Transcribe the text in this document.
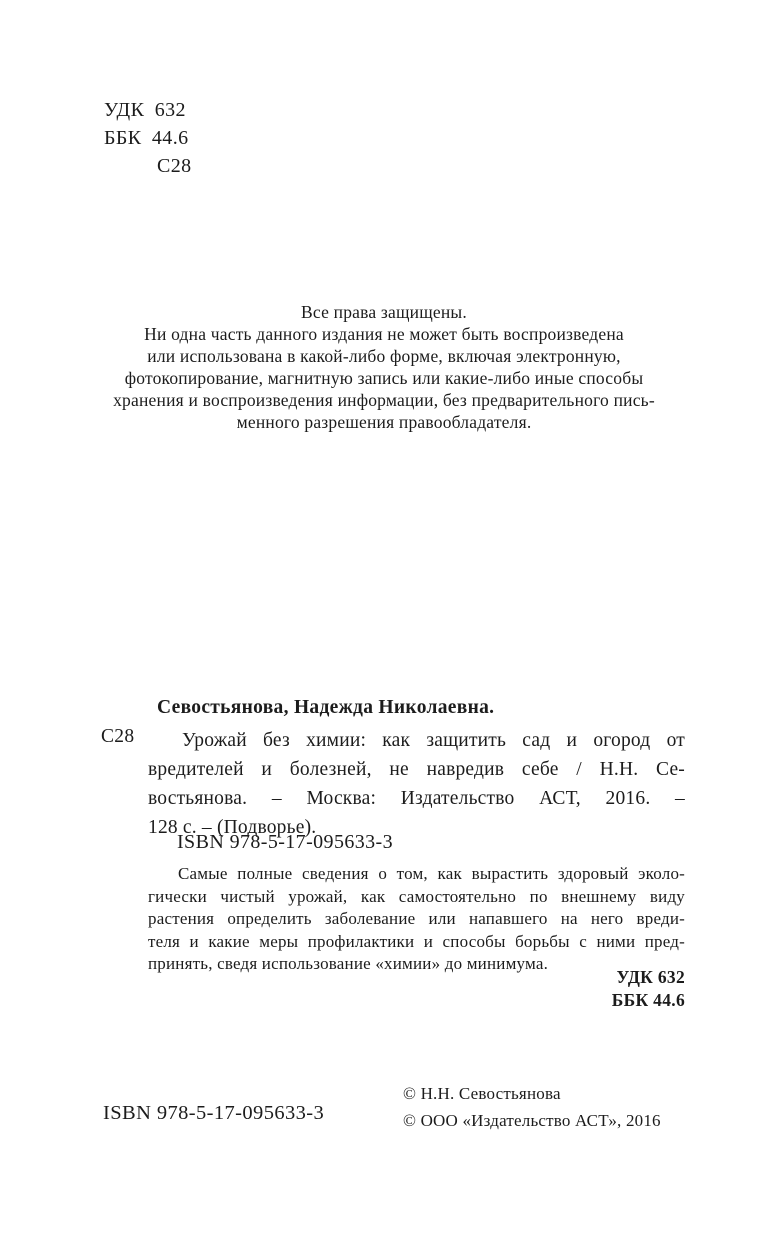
УДК 632
ББК 44.6
С28
Все права защищены.
Ни одна часть данного издания не может быть воспроизведена
или использована в какой-либо форме, включая электронную,
фотокопирование, магнитную запись или какие-либо иные способы
хранения и воспроизведения информации, без предварительного пись-
менного разрешения правообладателя.
Севостьянова, Надежда Николаевна.
С28	Урожай без химии: как защитить сад и огород от
вредителей и болезней, не навредив себе / Н.Н. Се-
востьянова. – Москва: Издательство АСТ, 2016. –
128 с. – (Подворье).
ISBN 978-5-17-095633-3
Самые полные сведения о том, как вырастить здоровый эколо-
гически чистый урожай, как самостоятельно по внешнему виду
растения определить заболевание или напавшего на него вреди-
теля и какие меры профилактики и способы борьбы с ними пред-
принять, сведя использование «химии» до минимума.
УДК 632
ББК 44.6
ISBN 978-5-17-095633-3
© Н.Н. Севостьянова
© ООО «Издательство АСТ», 2016
